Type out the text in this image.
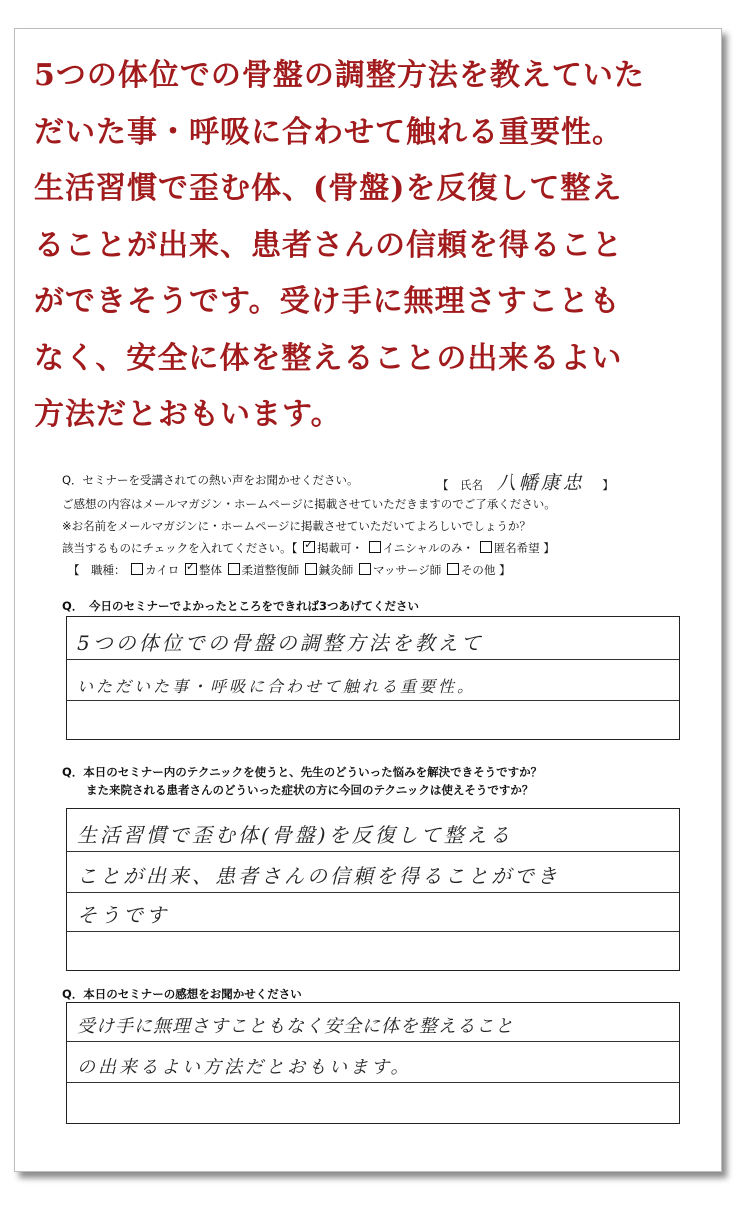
5つの体位での骨盤の調整方法を教えていた
だいた事・呼吸に合わせて触れる重要性。
生活習慣で歪む体、(骨盤)を反復して整え
ることが出来、患者さんの信頼を得ること
ができそうです。受け手に無理さすことも
なく、安全に体を整えることの出来るよい
方法だとおもいます。
Q．セミナーを受講されての熱い声をお聞かせください。	【　氏名 八幡康忠 】
ご感想の内容はメールマガジン・ホームページに掲載させていただきますのでご了承ください。
※お名前をメールマガジンに・ホームページに掲載させていただいてよろしいでしょうか？
該当するものにチェックを入れてください。【 ✓ 掲載可・ イニシャルのみ・ 匿名希望 】
【　職種： カイロ ✓ 整体 柔道整復師 鍼灸師 マッサージ師 その他 】
Q．　今日のセミナーでよかったところをできれば3つあげてください
5つの体位での骨盤の調整方法を教えて
いただいた事・呼吸に合わせて触れる重要性。
Q．本日のセミナー内のテクニックを使うと、先生のどういった悩みを解決できそうですか？
また来院される患者さんのどういった症状の方に今回のテクニックは使えそうですか？
生活習慣で歪む体(骨盤)を反復して整える
ことが出来、患者さんの信頼を得ることができ
そうです
Q．本日のセミナーの感想をお聞かせください
受け手に無理さすこともなく安全に体を整えること
の出来るよい方法だとおもいます。
